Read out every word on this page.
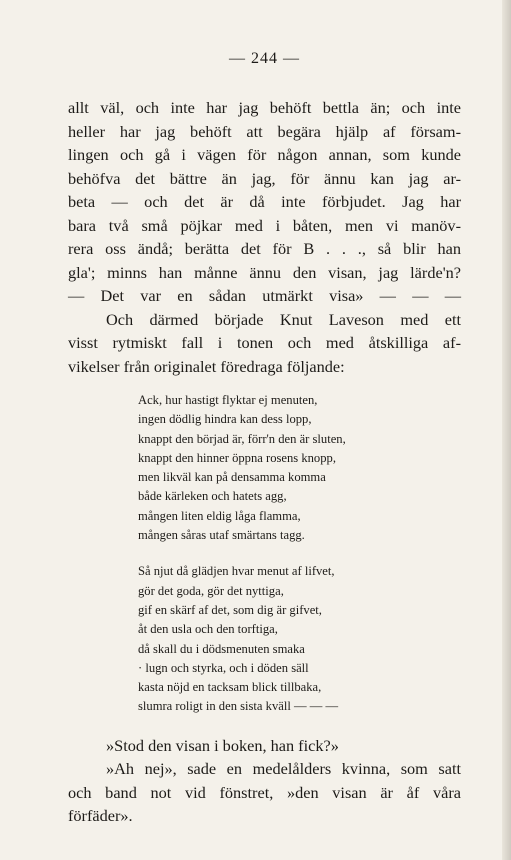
— 244 —
allt väl, och inte har jag behöft bettla än; och inte
heller har jag behöft att begära hjälp af försam-
lingen och gå i vägen för någon annan, som kunde
behöfva det bättre än jag, för ännu kan jag ar-
beta — och det är då inte förbjudet. Jag har
bara två små pöjkar med i båten, men vi manöv-
rera oss ändå; berätta det för B . . ., så blir han
gla'; minns han månne ännu den visan, jag lärde'n?
— Det var en sådan utmärkt visa» — — —
Och därmed började Knut Laveson med ett
visst rytmiskt fall i tonen och med åtskilliga af-
vikelser från originalet föredraga följande:
Ack, hur hastigt flyktar ej menuten,
ingen dödlig hindra kan dess lopp,
knappt den börjad är, förr'n den är sluten,
knappt den hinner öppna rosens knopp,
men likväl kan på densamma komma
både kärleken och hatets agg,
mången liten eldig låga flamma,
mången såras utaf smärtans tagg.
Så njut då glädjen hvar menut af lifvet,
gör det goda, gör det nyttiga,
gif en skärf af det, som dig är gifvet,
åt den usla och den torftiga,
då skall du i dödsmenuten smaka
· lugn och styrka, och i döden säll
kasta nöjd en tacksam blick tillbaka,
slumra roligt in den sista kväll — — —
»Stod den visan i boken, han fick?»
»Ah nej», sade en medelålders kvinna, som satt
och band not vid fönstret, »den visan är åf våra
förfäder».
